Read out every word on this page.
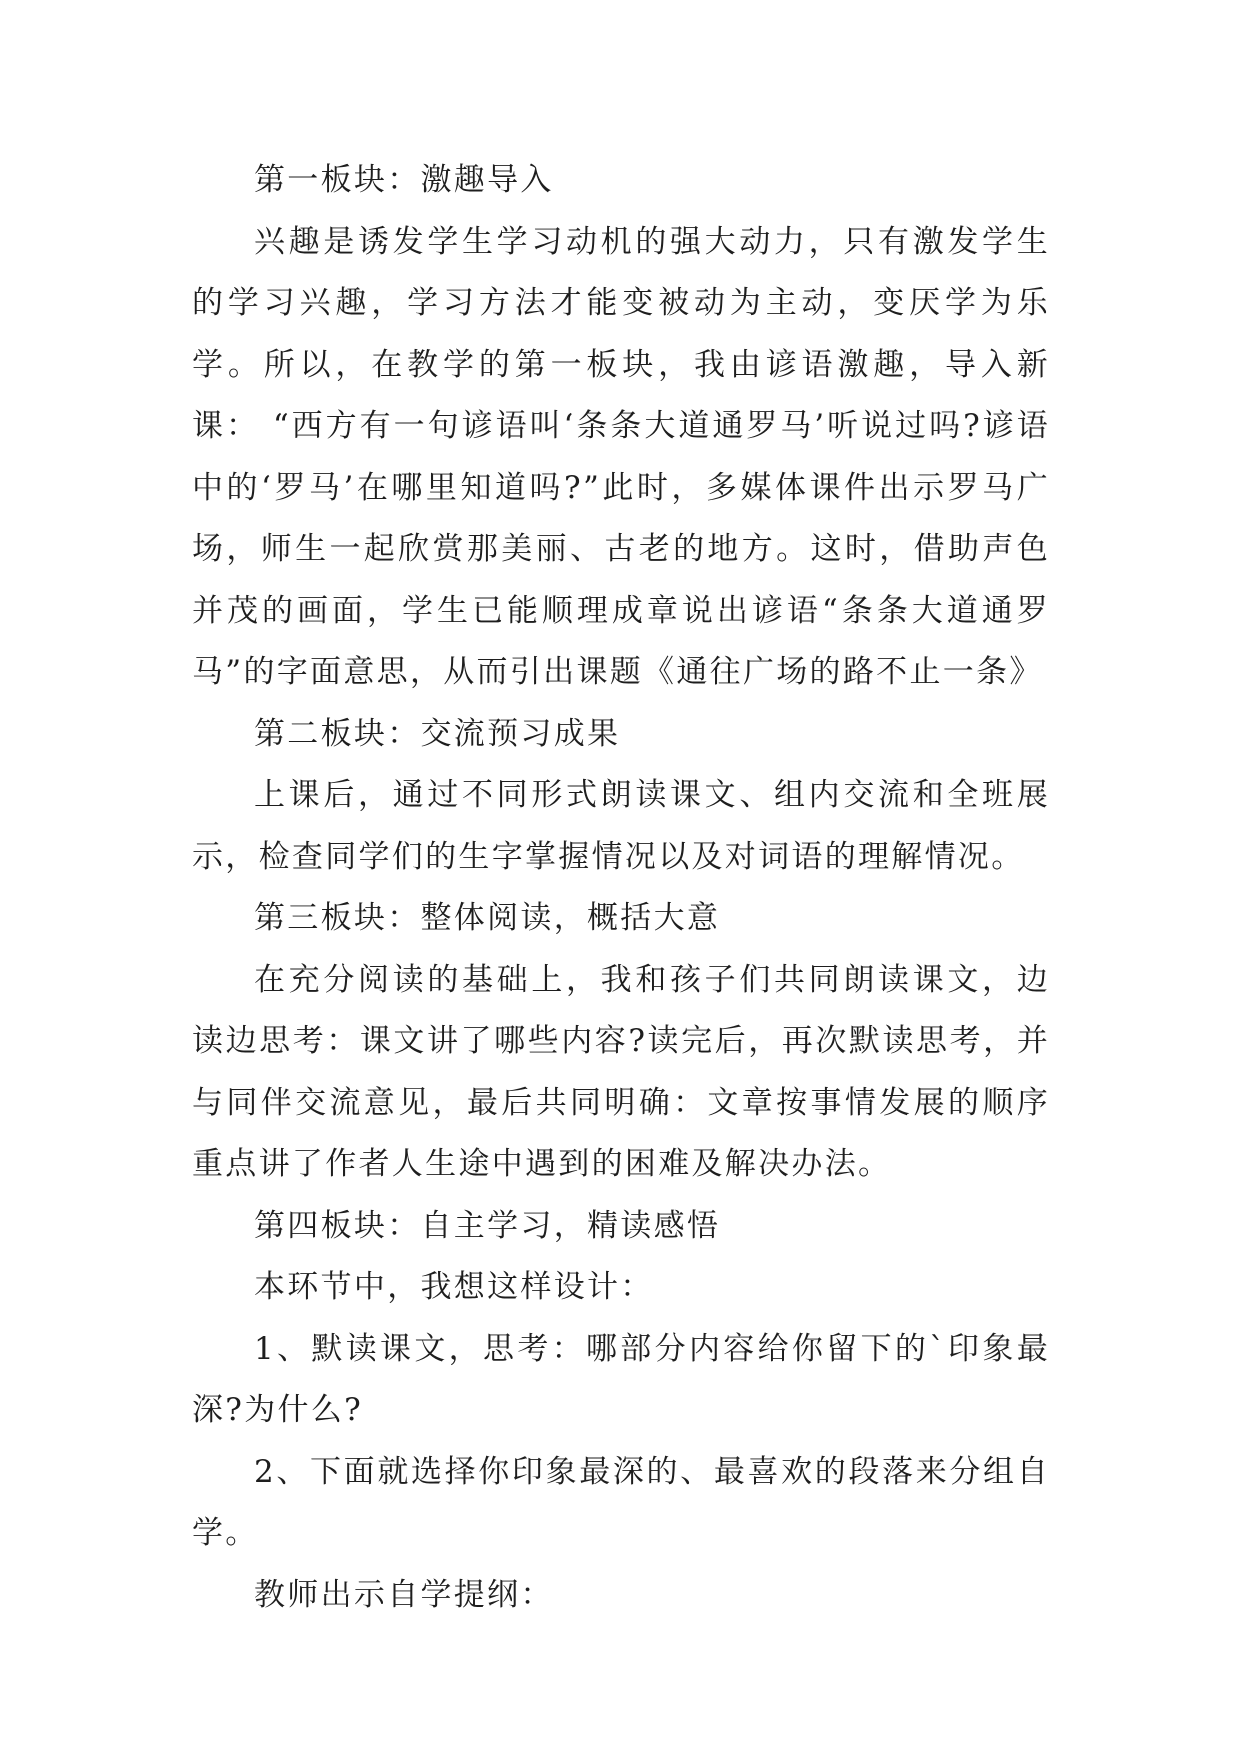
第一板块：激趣导入

兴趣是诱发学生学习动机的强大动力，只有激发学生的学习兴趣，学习方法才能变被动为主动，变厌学为乐学。所以，在教学的第一板块，我由谚语激趣，导入新课： “西方有一句谚语叫‘条条大道通罗马’听说过吗?谚语中的‘罗马’在哪里知道吗?”此时，多媒体课件出示罗马广场，师生一起欣赏那美丽、古老的地方。这时，借助声色并茂的画面，学生已能顺理成章说出谚语“条条大道通罗马”的字面意思，从而引出课题《通往广场的路不止一条》

第二板块：交流预习成果

上课后，通过不同形式朗读课文、组内交流和全班展示，检查同学们的生字掌握情况以及对词语的理解情况。

第三板块：整体阅读，概括大意

在充分阅读的基础上，我和孩子们共同朗读课文，边读边思考：课文讲了哪些内容?读完后，再次默读思考，并与同伴交流意见，最后共同明确：文章按事情发展的顺序重点讲了作者人生途中遇到的困难及解决办法。

第四板块：自主学习，精读感悟

本环节中，我想这样设计：

1、默读课文，思考：哪部分内容给你留下的`印象最深?为什么?

2、下面就选择你印象最深的、最喜欢的段落来分组自学。

教师出示自学提纲：
